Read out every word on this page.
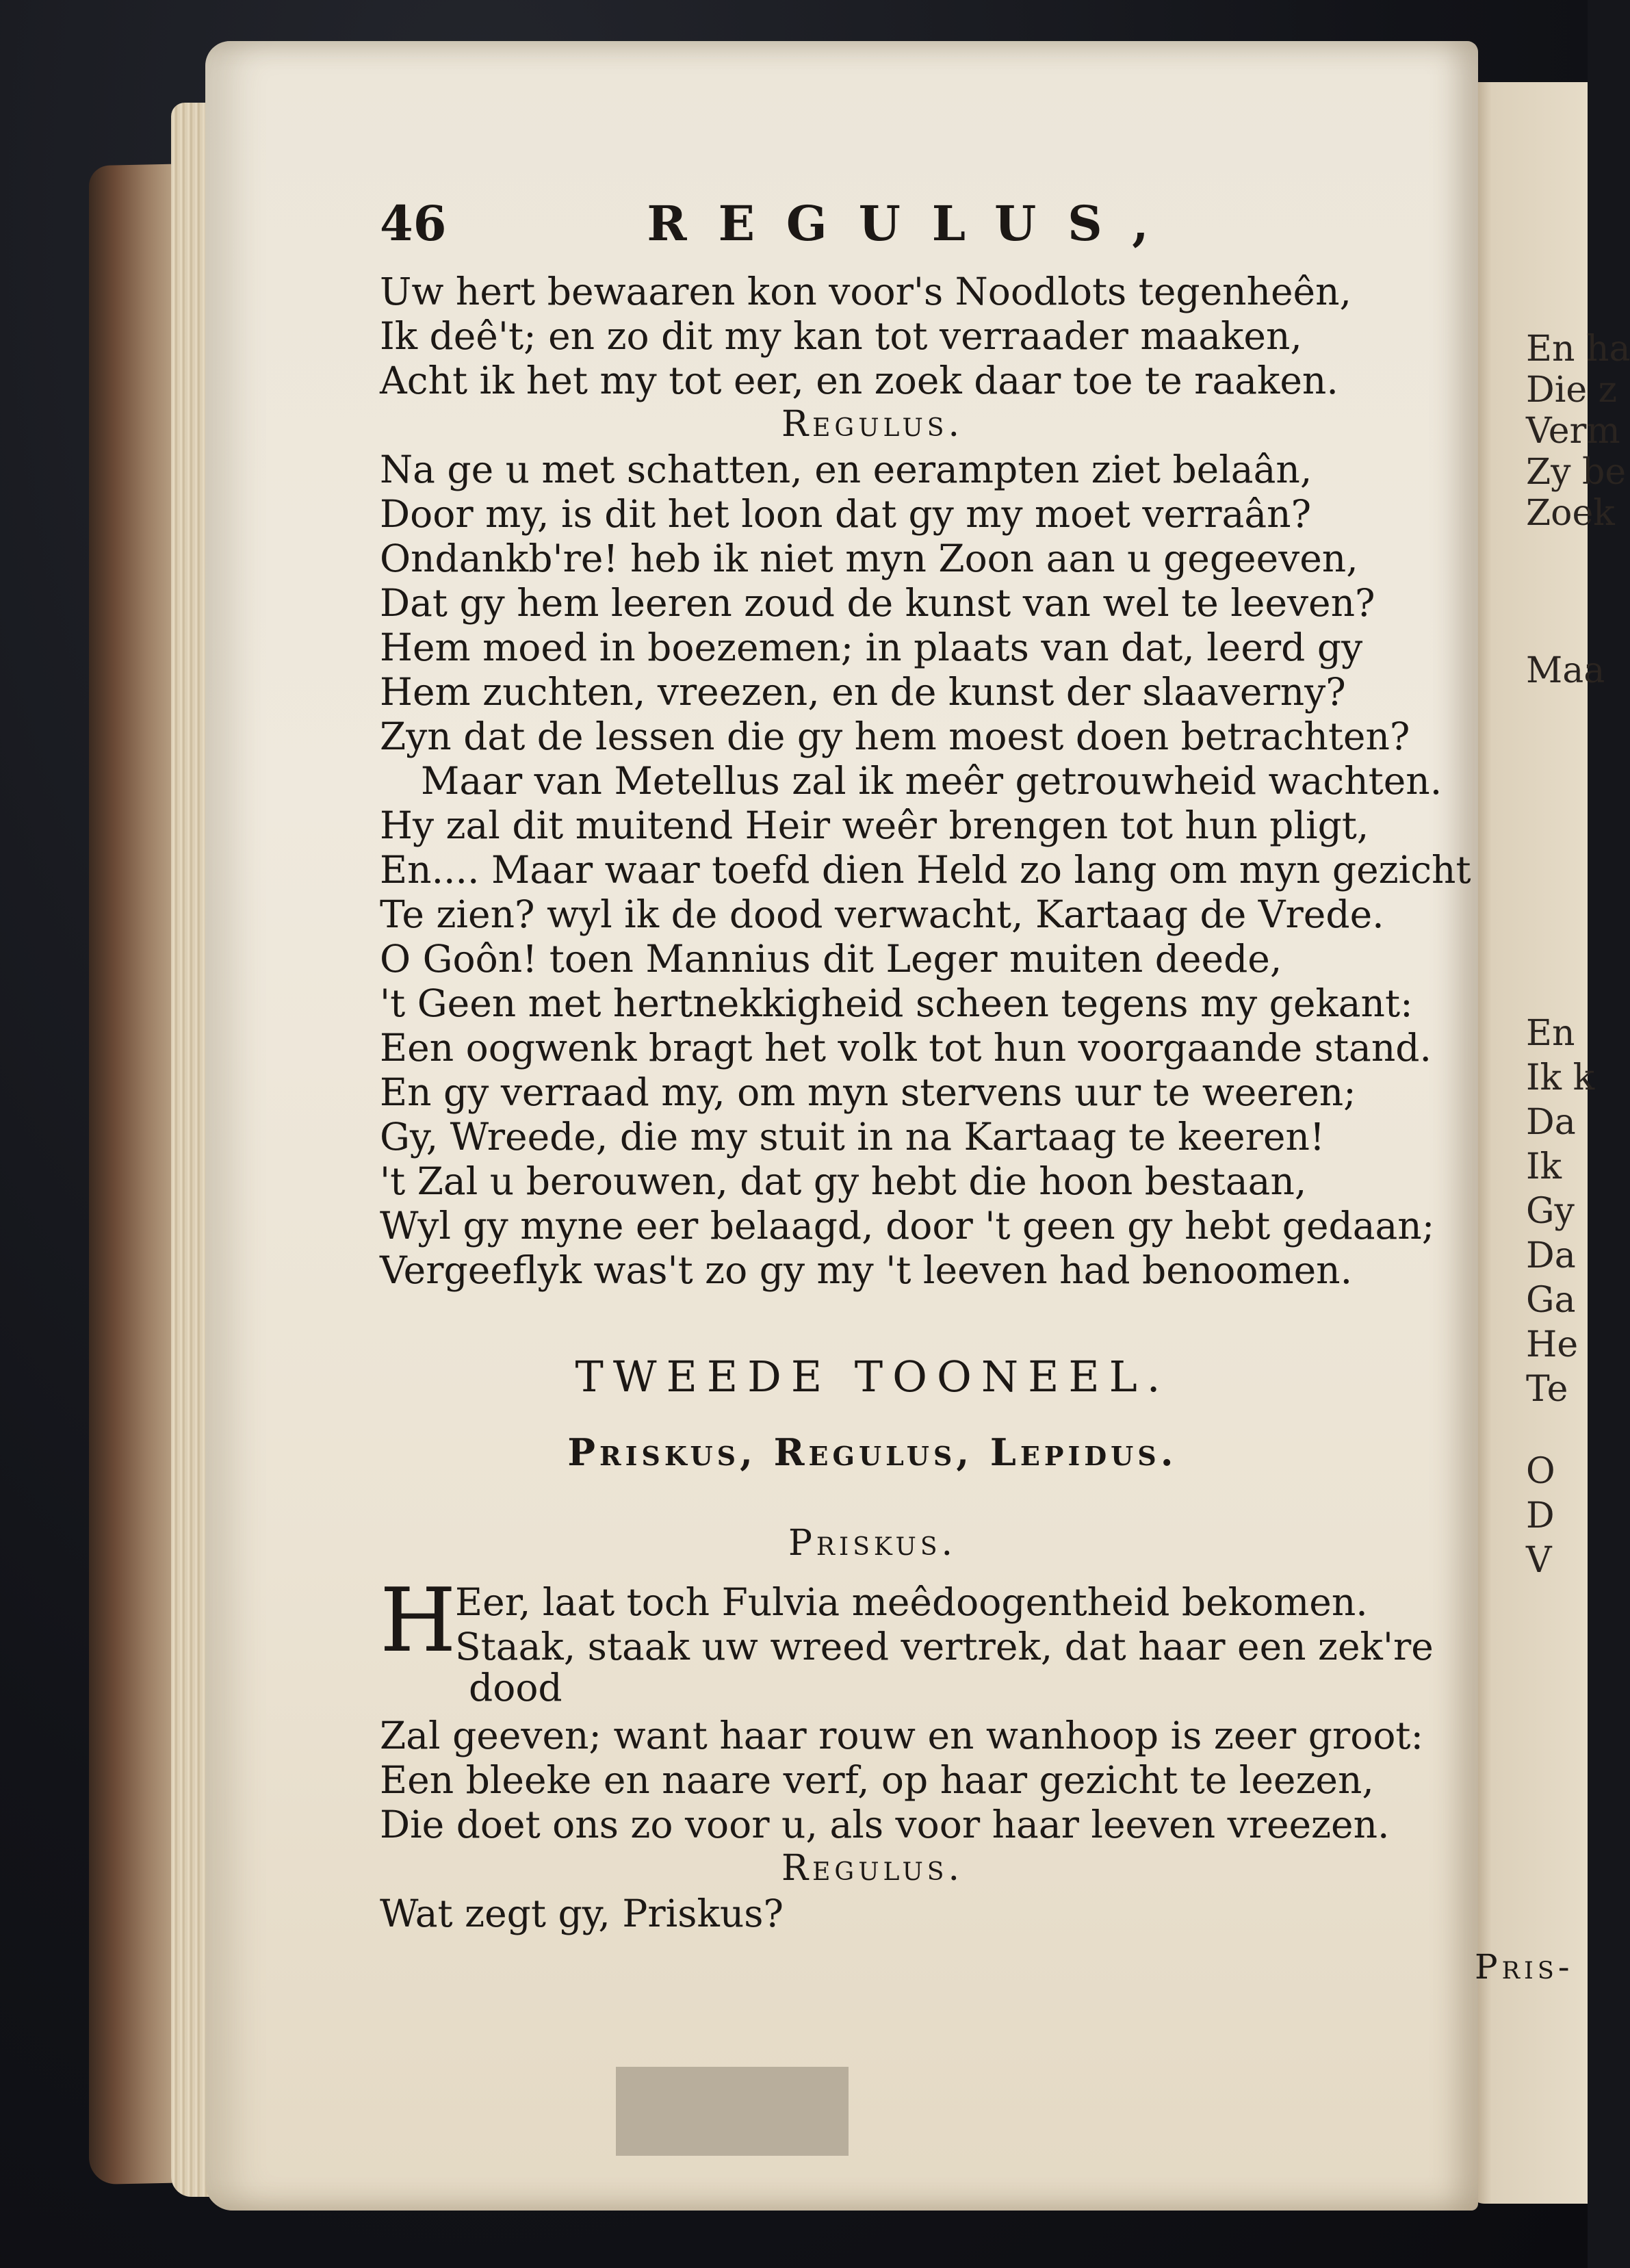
En ha
Die z
Verm
Zy be
Zoek
Maa
En
Ik k
Da
Ik
Gy
Da
Ga
He
Te
O
D
V
46	REGULUS,
Uw hert bewaaren kon voor's Noodlots tegenheên,
Ik deê't; en zo dit my kan tot verraader maaken,
Acht ik het my tot eer, en zoek daar toe te raaken.
Regulus.
Na ge u met schatten, en eerampten ziet belaân,
Door my, is dit het loon dat gy my moet verraân?
Ondankb're! heb ik niet myn Zoon aan u gegeeven,
Dat gy hem leeren zoud de kunst van wel te leeven?
Hem moed in boezemen; in plaats van dat, leerd gy
Hem zuchten, vreezen, en de kunst der slaaverny?
Zyn dat de lessen die gy hem moest doen betrachten?
Maar van Metellus zal ik meêr getrouwheid wachten.
Hy zal dit muitend Heir weêr brengen tot hun pligt,
En.... Maar waar toefd dien Held zo lang om myn gezicht
Te zien? wyl ik de dood verwacht, Kartaag de Vrede.
O Goôn! toen Mannius dit Leger muiten deede,
't Geen met hertnekkigheid scheen tegens my gekant:
Een oogwenk bragt het volk tot hun voorgaande stand.
En gy verraad my, om myn stervens uur te weeren;
Gy, Wreede, die my stuit in na Kartaag te keeren!
't Zal u berouwen, dat gy hebt die hoon bestaan,
Wyl gy myne eer belaagd, door 't geen gy hebt gedaan;
Vergeeflyk was't zo gy my 't leeven had benoomen.
TWEEDE TOONEEL.
Priskus, Regulus, Lepidus.
Priskus.
H
Eer, laat toch Fulvia meêdoogentheid bekomen.
Staak, staak uw wreed vertrek, dat haar een zek're
dood
Zal geeven; want haar rouw en wanhoop is zeer groot:
Een bleeke en naare verf, op haar gezicht te leezen,
Die doet ons zo voor u, als voor haar leeven vreezen.
Regulus.
Wat zegt gy, Priskus?
Pris-
